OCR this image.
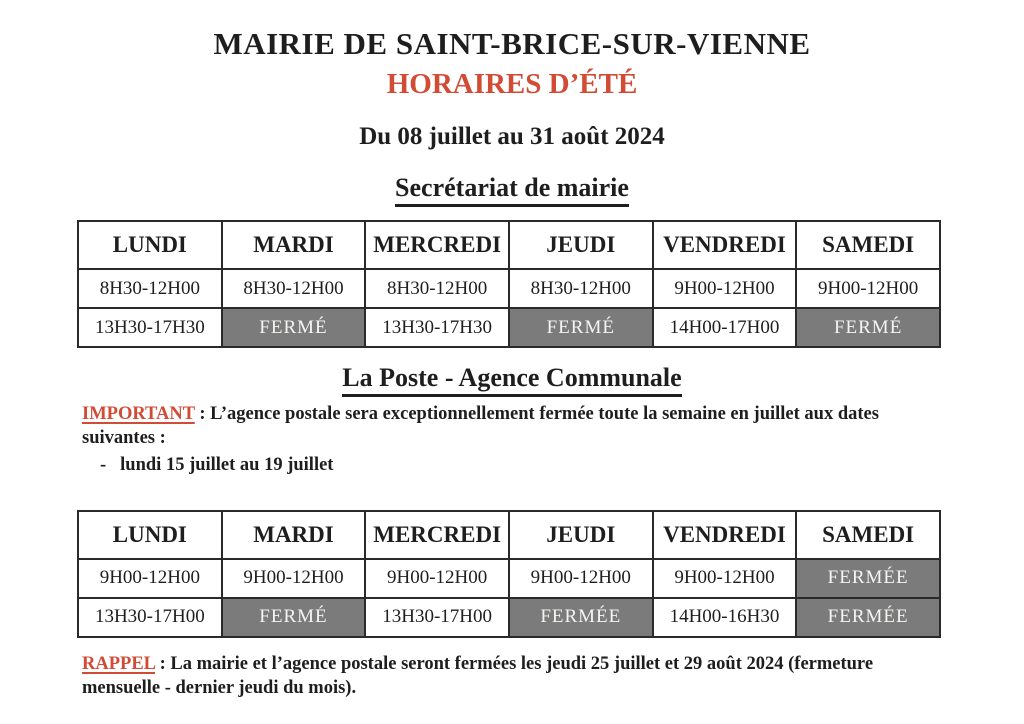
MAIRIE DE SAINT-BRICE-SUR-VIENNE
HORAIRES D’ÉTÉ
Du 08 juillet au 31 août 2024
Secrétariat de mairie
LUNDI	MARDI	MERCREDI	JEUDI	VENDREDI	SAMEDI
8H30-12H00	8H30-12H00	8H30-12H00	8H30-12H00	9H00-12H00	9H00-12H00
13H30-17H30	FERMÉ	13H30-17H30	FERMÉ	14H00-17H00	FERMÉ
La Poste - Agence Communale
IMPORTANT : L’agence postale sera exceptionnellement fermée toute la semaine en juillet aux dates suivantes :
- lundi 15 juillet au 19 juillet
LUNDI	MARDI	MERCREDI	JEUDI	VENDREDI	SAMEDI
9H00-12H00	9H00-12H00	9H00-12H00	9H00-12H00	9H00-12H00	FERMÉE
13H30-17H00	FERMÉ	13H30-17H00	FERMÉE	14H00-16H30	FERMÉE
RAPPEL : La mairie et l’agence postale seront fermées les jeudi 25 juillet et 29 août 2024 (fermeture mensuelle - dernier jeudi du mois).
